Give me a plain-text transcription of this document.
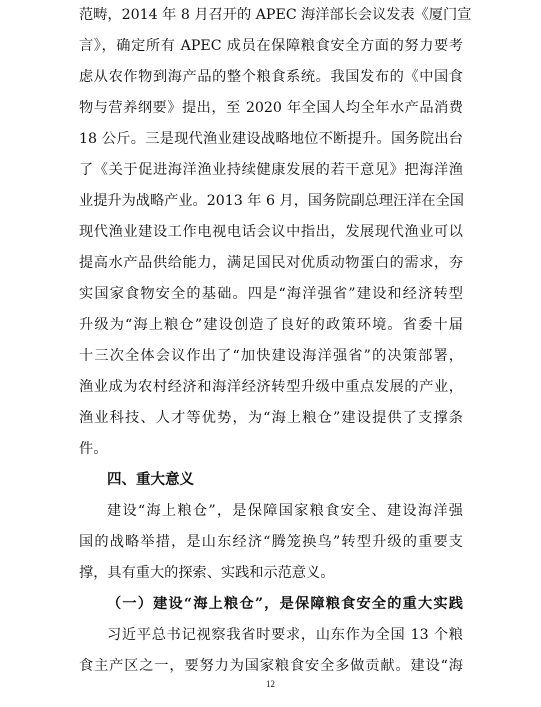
范畴，2014 年 8 月召开的 APEC 海洋部长会议发表《厦门宣
言》，确定所有 APEC 成员在保障粮食安全方面的努力要考
虑从农作物到海产品的整个粮食系统。我国发布的《中国食
物与营养纲要》提出，至 2020 年全国人均全年水产品消费
18 公斤。三是现代渔业建设战略地位不断提升。国务院出台
了《关于促进海洋渔业持续健康发展的若干意见》把海洋渔
业提升为战略产业。2013 年 6 月，国务院副总理汪洋在全国
现代渔业建设工作电视电话会议中指出，发展现代渔业可以
提高水产品供给能力，满足国民对优质动物蛋白的需求，夯
实国家食物安全的基础。四是“海洋强省”建设和经济转型
升级为“海上粮仓”建设创造了良好的政策环境。省委十届
十三次全体会议作出了“加快建设海洋强省”的决策部署，
渔业成为农村经济和海洋经济转型升级中重点发展的产业，
渔业科技、人才等优势，为“海上粮仓”建设提供了支撑条
件。
四、重大意义
建设“海上粮仓”，是保障国家粮食安全、建设海洋强
国的战略举措，是山东经济“腾笼换鸟”转型升级的重要支
撑，具有重大的探索、实践和示范意义。
（一）建设“海上粮仓”，是保障粮食安全的重大实践
习近平总书记视察我省时要求，山东作为全国 13 个粮
食主产区之一，要努力为国家粮食安全多做贡献。建设“海
12
